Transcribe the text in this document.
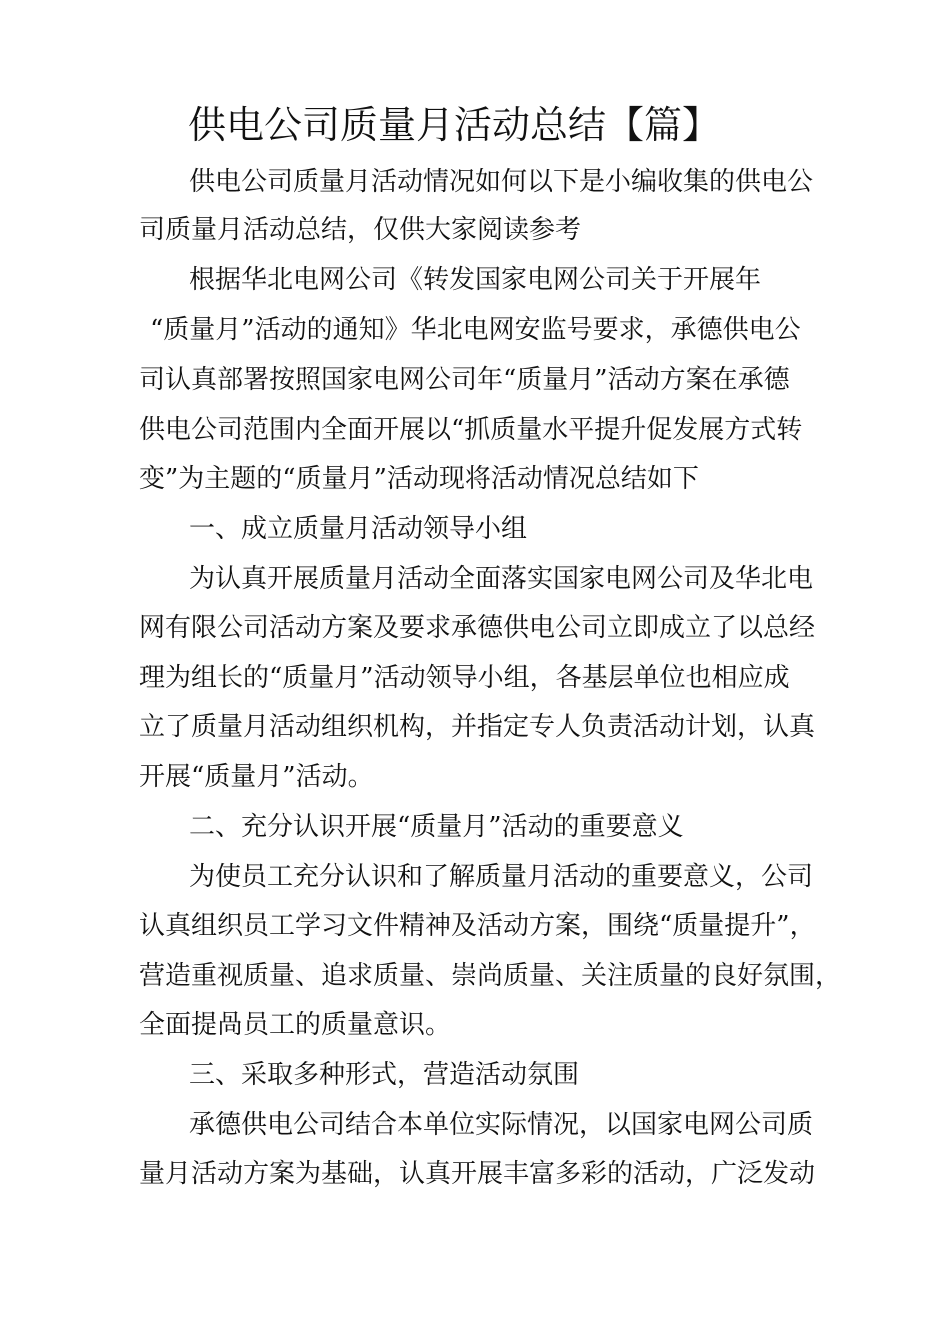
供电公司质量月活动总结【篇】

供电公司质量月活动情况如何以下是小编收集的供电公

司质量月活动总结，仅供大家阅读参考

根据华北电网公司《转发国家电网公司关于开展年

“质量月”活动的通知》华北电网安监号要求，承德供电公

司认真部署按照国家电网公司年“质量月”活动方案在承德

供电公司范围内全面开展以“抓质量水平提升促发展方式转

变”为主题的“质量月”活动现将活动情况总结如下

一、成立质量月活动领导小组

为认真开展质量月活动全面落实国家电网公司及华北电

网有限公司活动方案及要求承德供电公司立即成立了以总经

理为组长的“质量月”活动领导小组，各基层单位也相应成

立了质量月活动组织机构，并指定专人负责活动计划，认真

开展“质量月”活动。

二、充分认识开展“质量月”活动的重要意义

为使员工充分认识和了解质量月活动的重要意义，公司

认真组织员工学习文件精神及活动方案，围绕“质量提升”，

营造重视质量、追求质量、崇尚质量、关注质量的良好氛围，

全面提咼员工的质量意识。

三、采取多种形式，营造活动氛围

承德供电公司结合本单位实际情况，以国家电网公司质

量月活动方案为基础，认真开展丰富多彩的活动，广泛发动
